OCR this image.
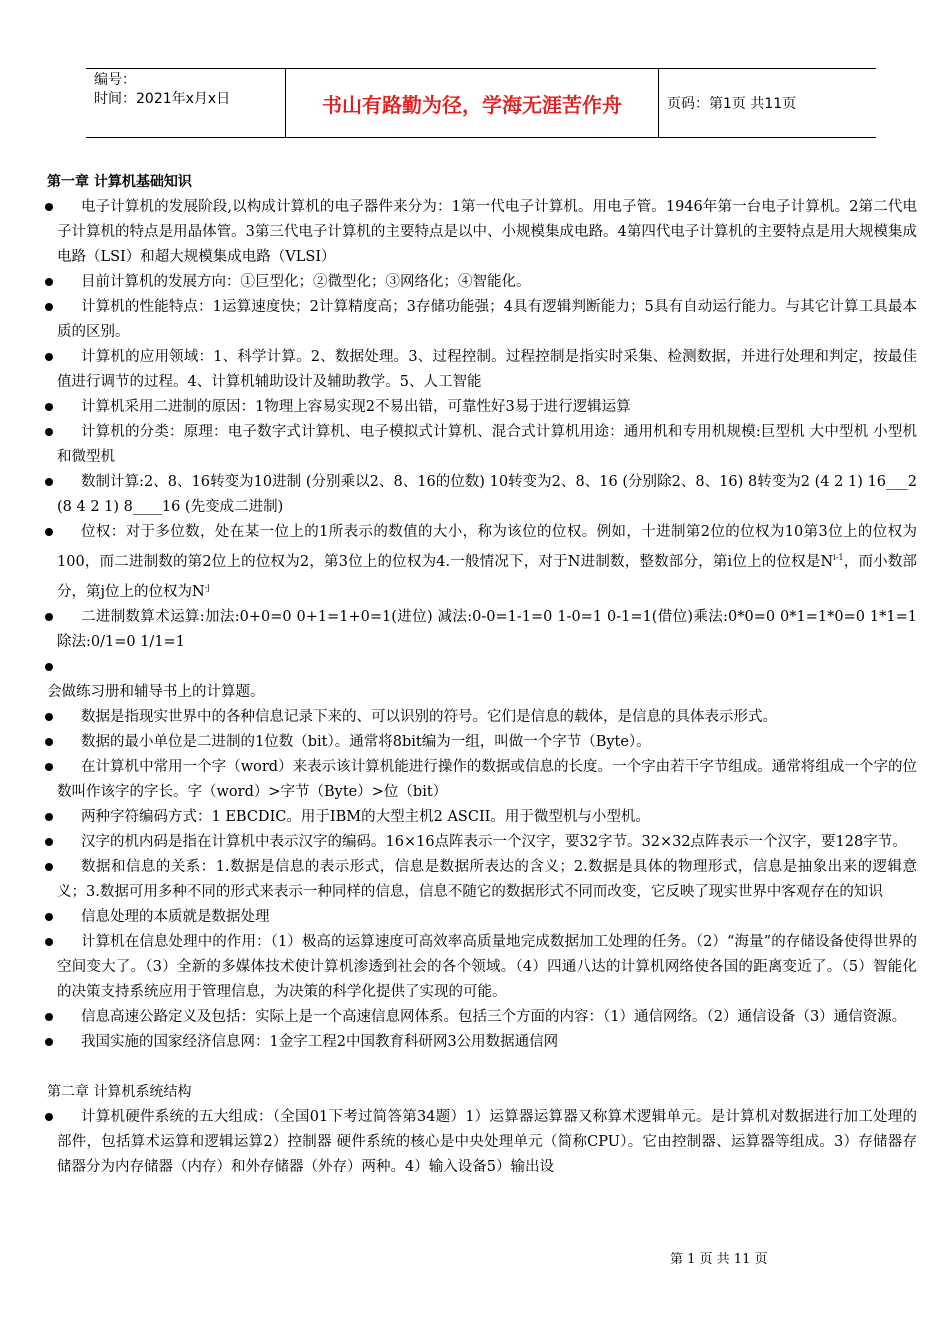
编号：
时间：2021年x月x日	书山有路勤为径，学海无涯苦作舟	页码：第1页 共11页
第一章 计算机基础知识
电子计算机的发展阶段,以构成计算机的电子器件来分为：1第一代电子计算机。用电子管。1946年第一台电子计算机。2第二代电子计算机的特点是用晶体管。3第三代电子计算机的主要特点是以中、小规模集成电路。4第四代电子计算机的主要特点是用大规模集成电路（LSI）和超大规模集成电路（VLSI）
目前计算机的发展方向：①巨型化；②微型化；③网络化；④智能化。
计算机的性能特点：1运算速度快；2计算精度高；3存储功能强；4具有逻辑判断能力；5具有自动运行能力。与其它计算工具最本质的区别。
计算机的应用领域：1、科学计算。2、数据处理。3、过程控制。过程控制是指实时采集、检测数据，并进行处理和判定，按最佳值进行调节的过程。4、计算机辅助设计及辅助教学。5、人工智能
计算机采用二进制的原因：1物理上容易实现2不易出错，可靠性好3易于进行逻辑运算
计算机的分类：原理：电子数字式计算机、电子模拟式计算机、混合式计算机用途：通用机和专用机规模:巨型机 大中型机 小型机和微型机
数制计算:2、8、16转变为10进制 (分别乘以2、8、16的位数) 10转变为2、8、16 (分别除2、8、16) 8转变为2 (4 2 1) 16___2 (8 4 2 1) 8____16 (先变成二进制)
位权：对于多位数，处在某一位上的1所表示的数值的大小，称为该位的位权。例如，十进制第2位的位权为10第3位上的位权为100，而二进制数的第2位上的位权为2，第3位上的位权为4.一般情况下，对于N进制数，整数部分，第i位上的位权是$N^{i-1}$，而小数部分，第j位上的位权为$N^{-j}$
二进制数算术运算:加法:0+0=0 0+1=1+0=1(进位) 减法:0-0=1-1=0 1-0=1 0-1=1(借位)乘法:0*0=0 0*1=1*0=0 1*1=1 除法:0/1=0 1/1=1
会做练习册和辅导书上的计算题。
数据是指现实世界中的各种信息记录下来的、可以识别的符号。它们是信息的载体，是信息的具体表示形式。
数据的最小单位是二进制的1位数（bit）。通常将8bit编为一组，叫做一个字节（Byte）。
在计算机中常用一个字（word）来表示该计算机能进行操作的数据或信息的长度。一个字由若干字节组成。通常将组成一个字的位数叫作该字的字长。字（word）>字节（Byte）>位（bit）
两种字符编码方式：1 EBCDIC。用于IBM的大型主机2 ASCII。用于微型机与小型机。
汉字的机内码是指在计算机中表示汉字的编码。16×16点阵表示一个汉字，要32字节。32×32点阵表示一个汉字，要128字节。
数据和信息的关系：1.数据是信息的表示形式，信息是数据所表达的含义；2.数据是具体的物理形式，信息是抽象出来的逻辑意义；3.数据可用多种不同的形式来表示一种同样的信息，信息不随它的数据形式不同而改变，它反映了现实世界中客观存在的知识
信息处理的本质就是数据处理
计算机在信息处理中的作用：（1）极高的运算速度可高效率高质量地完成数据加工处理的任务。（2）“海量”的存储设备使得世界的空间变大了。（3）全新的多媒体技术使计算机渗透到社会的各个领域。（4）四通八达的计算机网络使各国的距离变近了。（5）智能化的决策支持系统应用于管理信息，为决策的科学化提供了实现的可能。
信息高速公路定义及包括：实际上是一个高速信息网体系。包括三个方面的内容：（1）通信网络。（2）通信设备（3）通信资源。
我国实施的国家经济信息网：1金字工程2中国教育科研网3公用数据通信网
第二章 计算机系统结构
计算机硬件系统的五大组成：（全国01下考过简答第34题）1）运算器运算器又称算术逻辑单元。是计算机对数据进行加工处理的部件，包括算术运算和逻辑运算2）控制器 硬件系统的核心是中央处理单元（简称CPU）。它由控制器、运算器等组成。3）存储器存储器分为内存储器（内存）和外存储器（外存）两种。4）输入设备5）输出设
第 1 页 共 11 页
